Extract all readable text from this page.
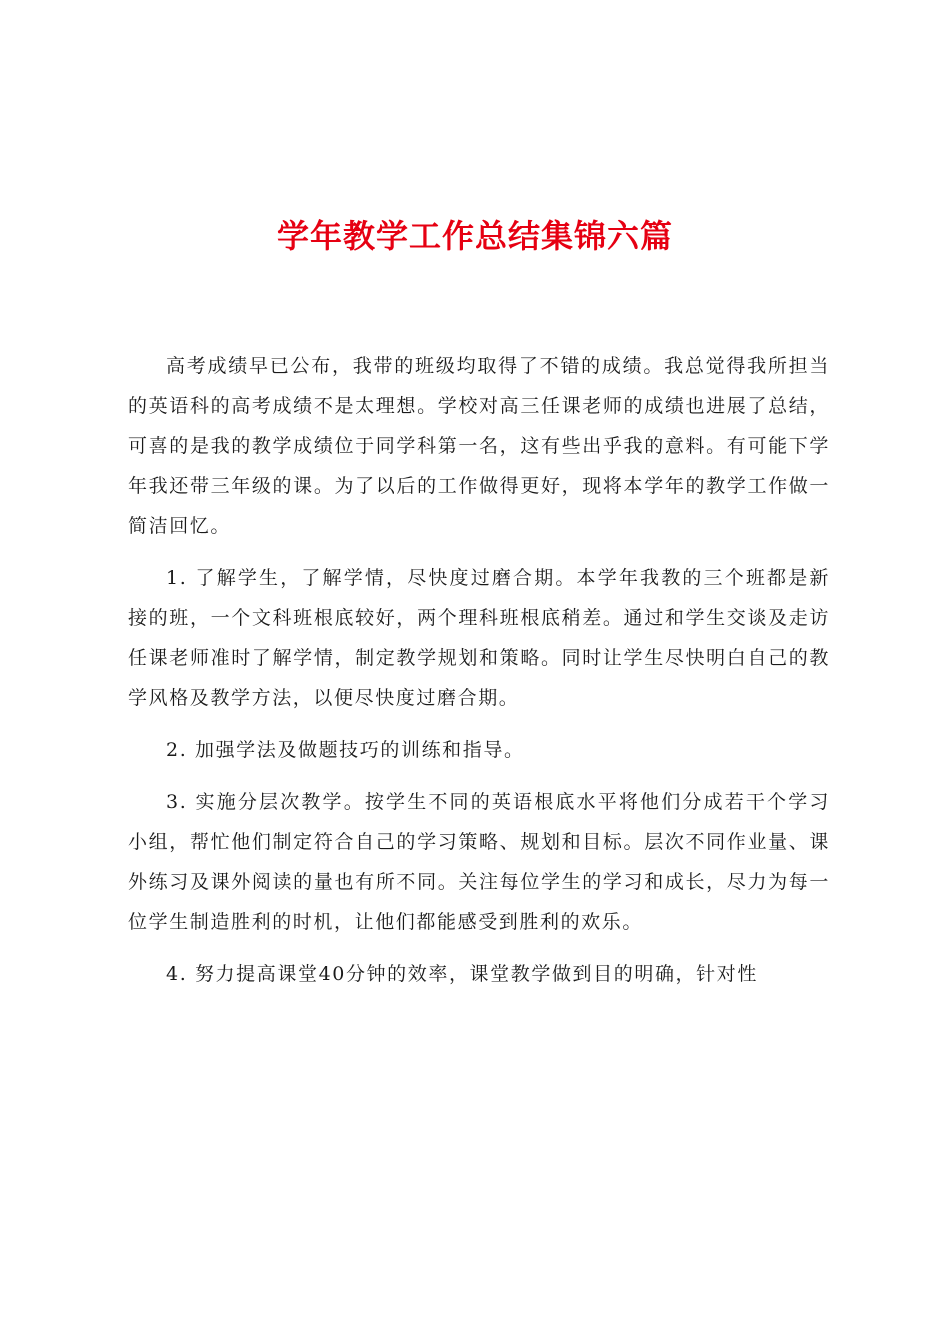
学年教学工作总结集锦六篇

高考成绩早已公布，我带的班级均取得了不错的成绩。我总觉得我所担当的英语科的高考成绩不是太理想。学校对高三任课老师的成绩也进展了总结，可喜的是我的教学成绩位于同学科第一名，这有些出乎我的意料。有可能下学年我还带三年级的课。为了以后的工作做得更好，现将本学年的教学工作做一简洁回忆。

1. 了解学生，了解学情，尽快度过磨合期。本学年我教的三个班都是新接的班，一个文科班根底较好，两个理科班根底稍差。通过和学生交谈及走访任课老师准时了解学情，制定教学规划和策略。同时让学生尽快明白自己的教学风格及教学方法，以便尽快度过磨合期。

2. 加强学法及做题技巧的训练和指导。

3. 实施分层次教学。按学生不同的英语根底水平将他们分成若干个学习小组，帮忙他们制定符合自己的学习策略、规划和目标。层次不同作业量、课外练习及课外阅读的量也有所不同。关注每位学生的学习和成长，尽力为每一位学生制造胜利的时机，让他们都能感受到胜利的欢乐。

4. 努力提高课堂40分钟的效率，课堂教学做到目的明确，针对性
